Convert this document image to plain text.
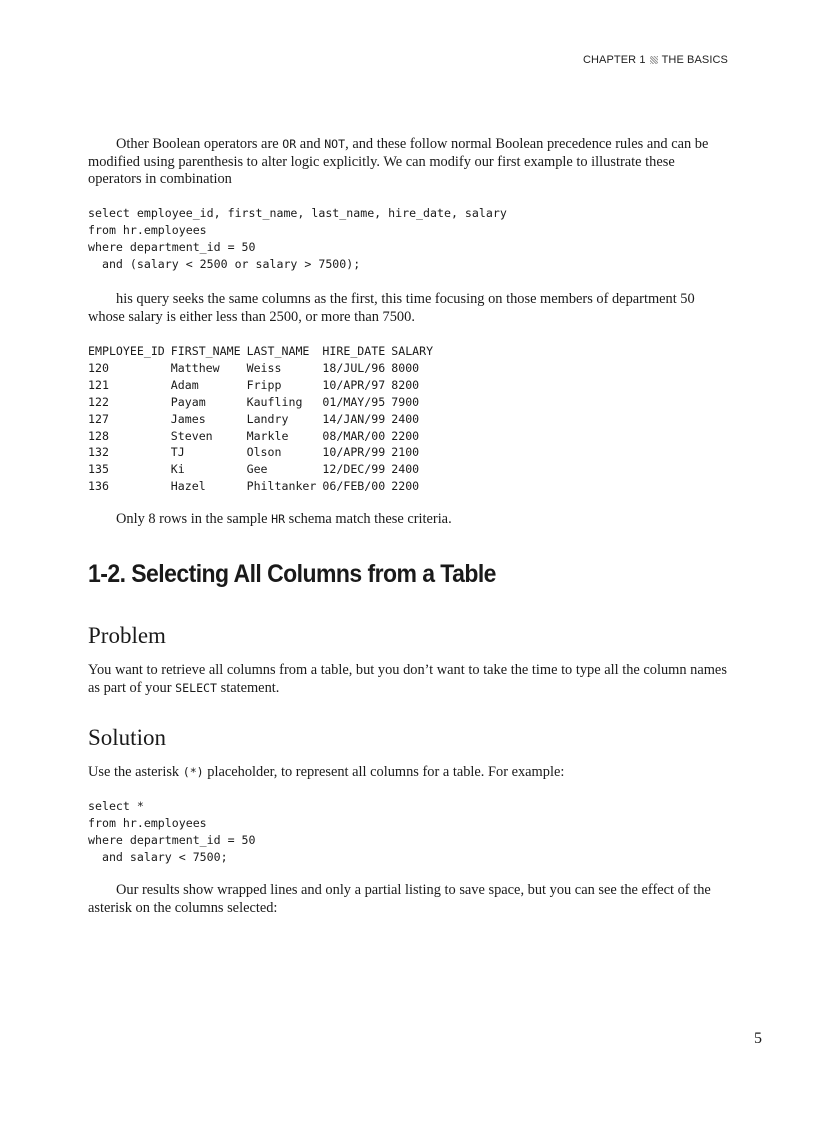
CHAPTER 1 THE BASICS

Other Boolean operators are OR and NOT, and these follow normal Boolean precedence rules and can be modified using parenthesis to alter logic explicitly. We can modify our first example to illustrate these operators in combination

select employee_id, first_name, last_name, hire_date, salary
from hr.employees
where department_id = 50
and (salary < 2500 or salary > 7500);

his query seeks the same columns as the first, this time focusing on those members of department 50 whose salary is either less than 2500, or more than 7500.

EMPLOYEE_ID	FIRST_NAME	LAST_NAME	HIRE_DATE	SALARY
120	Matthew	Weiss	18/JUL/96	8000
121	Adam	Fripp	10/APR/97	8200
122	Payam	Kaufling	01/MAY/95	7900
127	James	Landry	14/JAN/99	2400
128	Steven	Markle	08/MAR/00	2200
132	TJ	Olson	10/APR/99	2100
135	Ki	Gee	12/DEC/99	2400
136	Hazel	Philtanker	06/FEB/00	2200

Only 8 rows in the sample HR schema match these criteria.

1-2. Selecting All Columns from a Table
Problem

You want to retrieve all columns from a table, but you don’t want to take the time to type all the column names as part of your SELECT statement.

Solution

Use the asterisk (*) placeholder, to represent all columns for a table. For example:

select *
from hr.employees
where department_id = 50
and salary < 7500;

Our results show wrapped lines and only a partial listing to save space, but you can see the effect of the asterisk on the columns selected:

5
